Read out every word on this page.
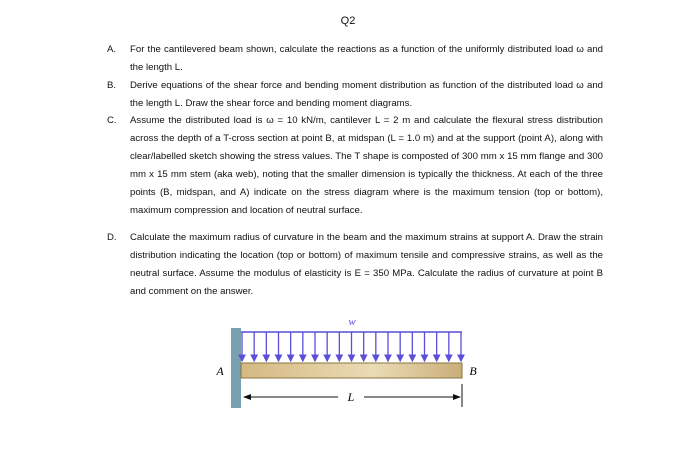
Q2
A. For the cantilevered beam shown, calculate the reactions as a function of the uniformly distributed load ω and the length L.
B. Derive equations of the shear force and bending moment distribution as function of the distributed load ω and the length L. Draw the shear force and bending moment diagrams.
C. Assume the distributed load is ω = 10 kN/m, cantilever L = 2 m and calculate the flexural stress distribution across the depth of a T-cross section at point B, at midspan (L = 1.0 m) and at the support (point A), along with clear/labelled sketch showing the stress values. The T shape is composted of 300 mm x 15 mm flange and 300 mm x 15 mm stem (aka web), noting that the smaller dimension is typically the thickness. At each of the three points (B, midspan, and A) indicate on the stress diagram where is the maximum tension (top or bottom), maximum compression and location of neutral surface.
D. Calculate the maximum radius of curvature in the beam and the maximum strains at support A. Draw the strain distribution indicating the location (top or bottom) of maximum tensile and compressive strains, as well as the neutral surface. Assume the modulus of elasticity is E = 350 MPa. Calculate the radius of curvature at point B and comment on the answer.
w
A	B
L
